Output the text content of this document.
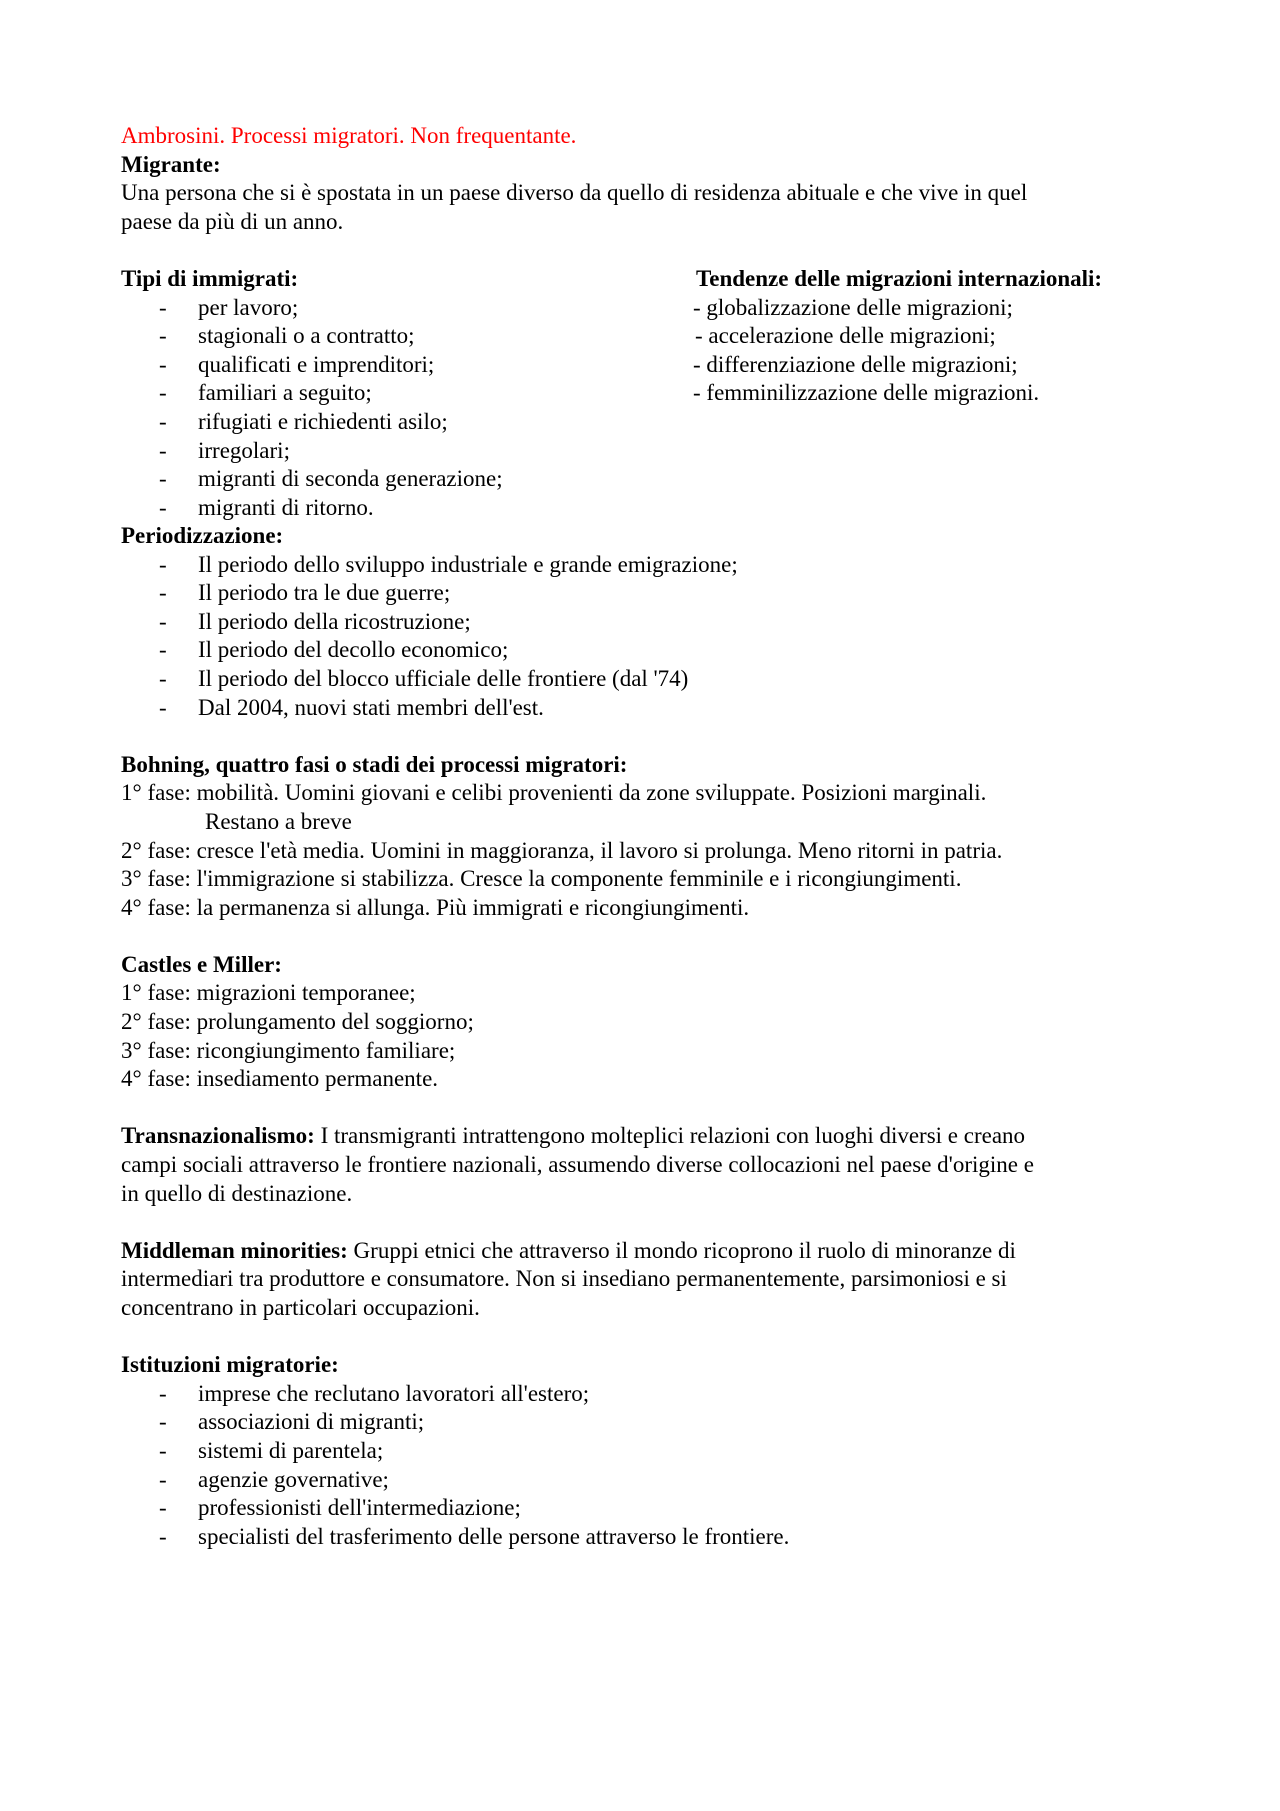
Ambrosini. Processi migratori. Non frequentante.
Migrante:
Una persona che si è spostata in un paese diverso da quello di residenza abituale e che vive in quel
paese da più di un anno.
Tipi di immigrati:
- per lavoro;
- stagionali o a contratto;
- qualificati e imprenditori;
- familiari a seguito;
- rifugiati e richiedenti asilo;
- irregolari;
- migranti di seconda generazione;
- migranti di ritorno.
Tendenze delle migrazioni internazionali:
- globalizzazione delle migrazioni;
- accelerazione delle migrazioni;
- differenziazione delle migrazioni;
- femminilizzazione delle migrazioni.
Periodizzazione:
- Il periodo dello sviluppo industriale e grande emigrazione;
- Il periodo tra le due guerre;
- Il periodo della ricostruzione;
- Il periodo del decollo economico;
- Il periodo del blocco ufficiale delle frontiere (dal '74)
- Dal 2004, nuovi stati membri dell'est.
Bohning, quattro fasi o stadi dei processi migratori:
1° fase: mobilità. Uomini giovani e celibi provenienti da zone sviluppate. Posizioni marginali.
Restano a breve
2° fase: cresce l'età media. Uomini in maggioranza, il lavoro si prolunga. Meno ritorni in patria.
3° fase: l'immigrazione si stabilizza. Cresce la componente femminile e i ricongiungimenti.
4° fase: la permanenza si allunga. Più immigrati e ricongiungimenti.
Castles e Miller:
1° fase: migrazioni temporanee;
2° fase: prolungamento del soggiorno;
3° fase: ricongiungimento familiare;
4° fase: insediamento permanente.
Transnazionalismo: I transmigranti intrattengono molteplici relazioni con luoghi diversi e creano
campi sociali attraverso le frontiere nazionali, assumendo diverse collocazioni nel paese d'origine e
in quello di destinazione.
Middleman minorities: Gruppi etnici che attraverso il mondo ricoprono il ruolo di minoranze di
intermediari tra produttore e consumatore. Non si insediano permanentemente, parsimoniosi e si
concentrano in particolari occupazioni.
Istituzioni migratorie:
- imprese che reclutano lavoratori all'estero;
- associazioni di migranti;
- sistemi di parentela;
- agenzie governative;
- professionisti dell'intermediazione;
- specialisti del trasferimento delle persone attraverso le frontiere.
